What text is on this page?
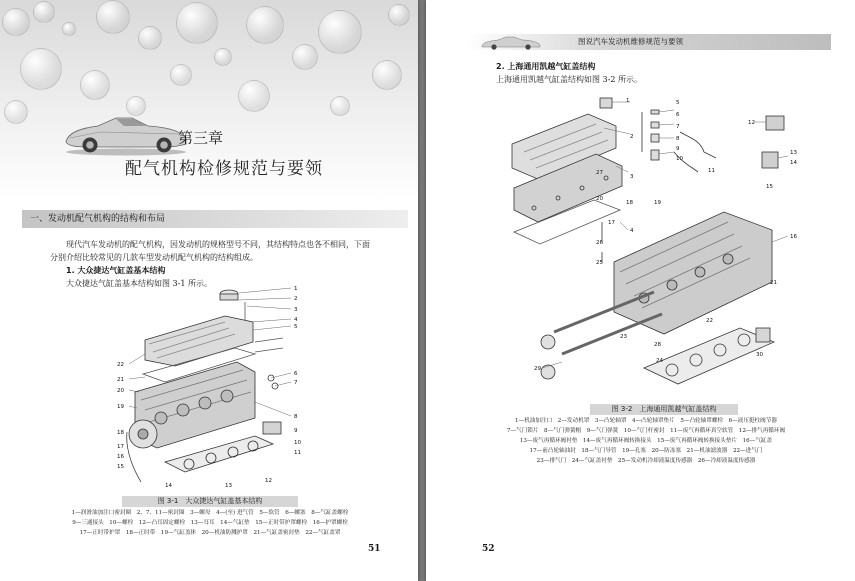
第三章
配气机构检修规范与要领
一、发动机配气机构的结构和布局
现代汽车发动机的配气机构，因发动机的规格型号不同，其结构特点也各不相同，下面
分别介绍比较常见的几款车型发动机配气机构的结构组成。
1. 大众捷达气缸盖基本结构
大众捷达气缸盖基本结构如图 3-1 所示。
1
2
3
4
5
6
7
8
9
10
11
12
13
14
15
16
17
18
19
20
21
22
图 3-1　大众捷达气缸盖基本结构
1—润滑油加注口密封圈　2、7、11—密封圈　3—螺母　4—(至) 进气管　5—软管　6—螺塞　8—气缸盖螺栓
9—三通接头　10—螺栓　12—凸耳固定螺栓　13—耳耳　14—气缸垫　15—正时带护罩螺栓　16—护罩螺栓
17—正时带护罩　18—正时带　19—气缸盖体　20—机油防溅护罩　21—气缸盖密封垫　22—气缸盖罩
51
图说汽车发动机维修规范与要领
2. 上海通用凯越气缸盖结构
上海通用凯越气缸盖结构如图 3-2 所示。
1
2
3
4
5
6
7
8
9
10
11
12
13
14
15
16
17
18	19
20
21
22
23
24
25
26
27
28
29
30
图 3-2　上海通用凯越气缸盖结构
1—机油加注口　2—发动机罩　3—凸轮轴罩　4—凸轮轴罩垫片　5—凸轮轴罩螺栓　6—液压挺柱阀节器
7—气门锁片　8—气门弹簧帽　9—气门弹簧　10—气门杆密封　11—废气再循环真空软管　12—排气再循环阀
13—废气再循环阀衬垫　14—废气再循环阀转换接头　15—废气再循环阀转换接头垫片　16—气缸盖
17—前凸轮轴油封　18—气门导管　19—孔塞　20—防冻塞　21—机油滤波器　22—进气门
23—排气门　24—气缸盖衬垫　25—发动机冷却液温度传感器　26—冷却液温度传感器
52
